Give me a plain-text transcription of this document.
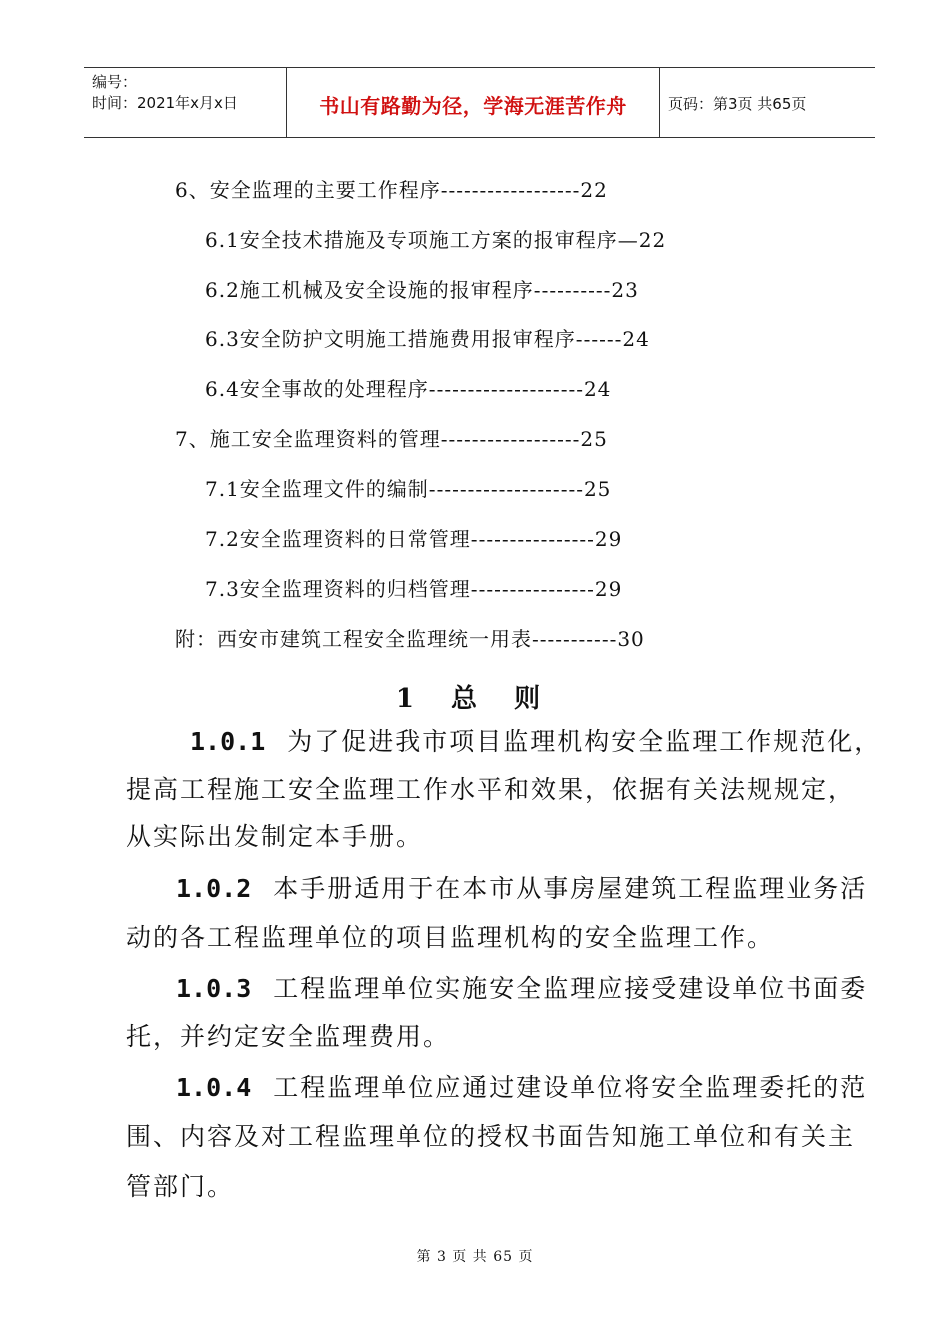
编号：
时间：2021年x月x日	书山有路勤为径，学海无涯苦作舟	页码：第3页 共65页
6、安全监理的主要工作程序------------------22
6.1安全技术措施及专项施工方案的报审程序—22
6.2施工机械及安全设施的报审程序----------23
6.3安全防护文明施工措施费用报审程序------24
6.4安全事故的处理程序--------------------24
7、施工安全监理资料的管理------------------25
7.1安全监理文件的编制--------------------25
7.2安全监理资料的日常管理----------------29
7.3安全监理资料的归档管理----------------29
附：西安市建筑工程安全监理统一用表-----------30
1 总 则
1.0.1 为了促进我市项目监理机构安全监理工作规范化，
提高工程施工安全监理工作水平和效果，依据有关法规规定，
从实际出发制定本手册。
1.0.2 本手册适用于在本市从事房屋建筑工程监理业务活
动的各工程监理单位的项目监理机构的安全监理工作。
1.0.3 工程监理单位实施安全监理应接受建设单位书面委
托，并约定安全监理费用。
1.0.4 工程监理单位应通过建设单位将安全监理委托的范
围、内容及对工程监理单位的授权书面告知施工单位和有关主
管部门。
第 3 页 共 65 页
